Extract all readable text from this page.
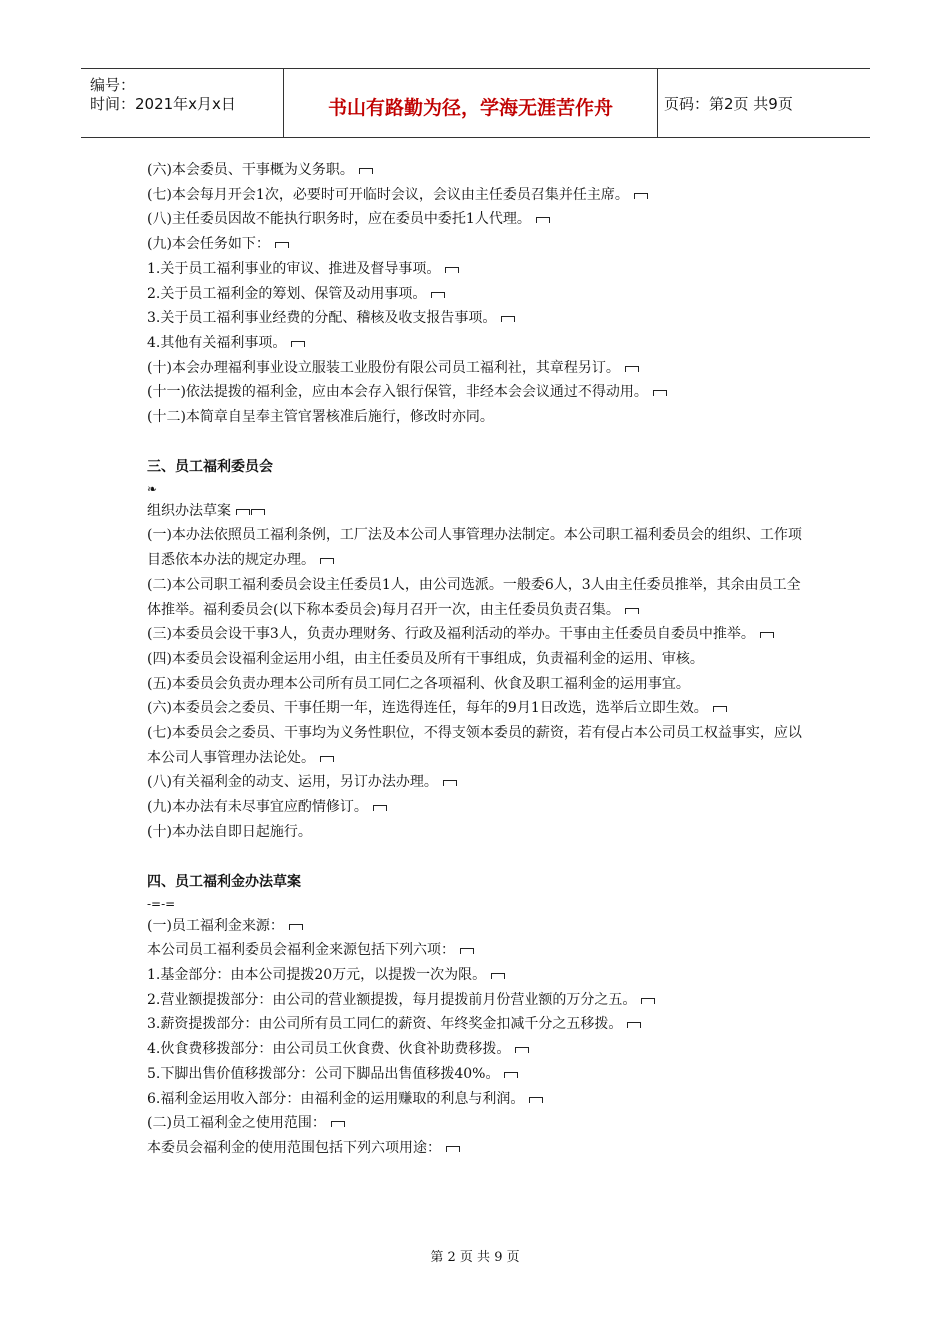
编号：
时间：2021年x月x日	书山有路勤为径，学海无涯苦作舟	页码：第2页 共9页

(六)本会委员、干事概为义务职。

(七)本会每月开会1次，必要时可开临时会议，会议由主任委员召集并任主席。

(八)主任委员因故不能执行职务时，应在委员中委托1人代理。

(九)本会任务如下：

1.关于员工福利事业的审议、推进及督导事项。

2.关于员工福利金的筹划、保管及动用事项。

3.关于员工福利事业经费的分配、稽核及收支报告事项。

4.其他有关福利事项。

(十)本会办理福利事业设立服装工业股份有限公司员工福利社，其章程另订。

(十一)依法提拨的福利金，应由本会存入银行保管，非经本会会议通过不得动用。

(十二)本简章自呈奉主管官署核准后施行，修改时亦同。

三、员工福利委员会

❧

组织办法草案

(一)本办法依照员工福利条例，工厂法及本公司人事管理办法制定。本公司职工福利委员会的组织、工作项目悉依本办法的规定办理。

(二)本公司职工福利委员会设主任委员1人，由公司选派。一般委6人，3人由主任委员推举，其余由员工全体推举。福利委员会(以下称本委员会)每月召开一次，由主任委员负责召集。

(三)本委员会设干事3人，负责办理财务、行政及福利活动的举办。干事由主任委员自委员中推举。

(四)本委员会设福利金运用小组，由主任委员及所有干事组成，负责福利金的运用、审核。

(五)本委员会负责办理本公司所有员工同仁之各项福利、伙食及职工福利金的运用事宜。

(六)本委员会之委员、干事任期一年，连选得连任，每年的9月1日改选，选举后立即生效。

(七)本委员会之委员、干事均为义务性职位，不得支领本委员的薪资，若有侵占本公司员工权益事实，应以本公司人事管理办法论处。

(八)有关福利金的动支、运用，另订办法办理。

(九)本办法有未尽事宜应酌情修订。

(十)本办法自即日起施行。

四、员工福利金办法草案

-=-=

(一)员工福利金来源：

本公司员工福利委员会福利金来源包括下列六项：

1.基金部分：由本公司提拨20万元，以提拨一次为限。

2.营业额提拨部分：由公司的营业额提拨，每月提拨前月份营业额的万分之五。

3.薪资提拨部分：由公司所有员工同仁的薪资、年终奖金扣减千分之五移拨。

4.伙食费移拨部分：由公司员工伙食费、伙食补助费移拨。

5.下脚出售价值移拨部分：公司下脚品出售值移拨40%。

6.福利金运用收入部分：由福利金的运用赚取的利息与利润。

(二)员工福利金之使用范围：

本委员会福利金的使用范围包括下列六项用途：

第 2 页 共 9 页
